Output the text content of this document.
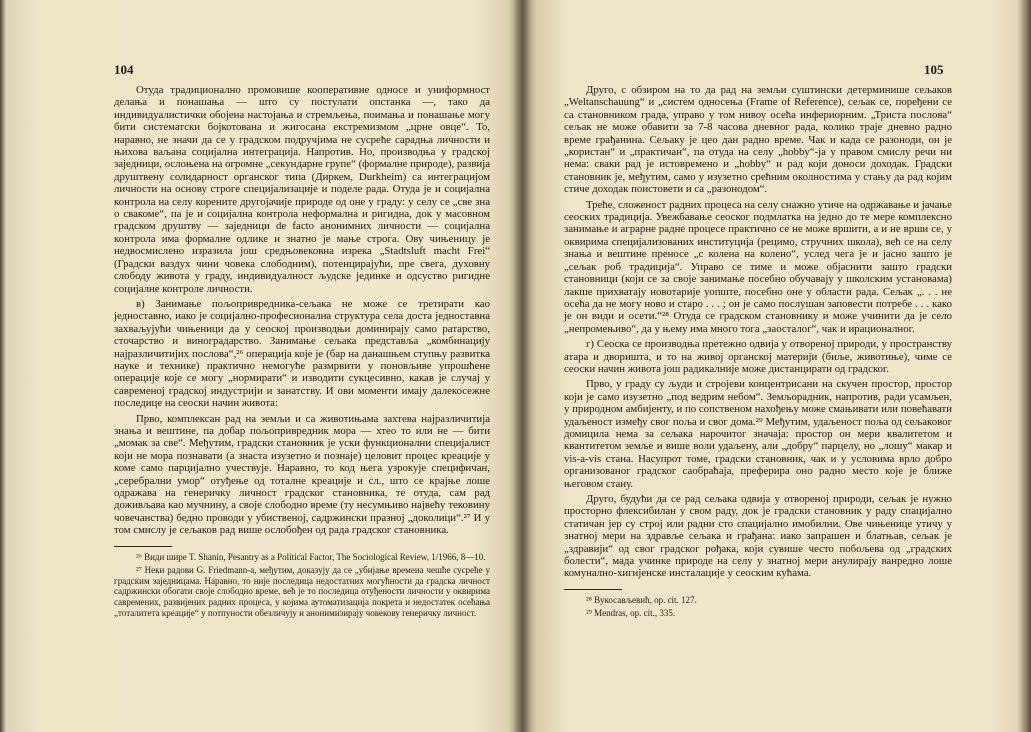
104

Отуда традиционално промовише кооперативне односе и униформност делања и понашања — што су постулати опстанка —, тако да индивидуалистички обојена настојања и стремљења, поимања и понашање могу бити систематски бојкотована и жигосана екстремизмом „црне овце“. То, наравно, не значи да се у градском подручјима не сусреће сарадња личности и њихова ваљана социјална интеграција. Напротив. Но, производња у градској заједници, ослоњена на огромне „секундарне групе“ (формалне природе), развија друштвену солидарност органског типа (Диркем, Durkheim) са интеграцијом личности на основу строге специјализације и поделе рада. Отуда је и социјална контрола на селу корените другојачије природе од оне у граду: у селу се „све зна о свакоме“, па је и социјална контрола неформална и ригидна, док у масовном градском друштву — заједници de facto анонимних личности — социјална контрола има формалне одлике и знатно је мање строга. Ову чињеницу је недвосмислено изразила још средњовековна изрека „Stadtsluft macht Frei“ (Градски ваздух чини човека слободним), потенцирајући, пре свега, духовну слободу живота у граду, индивидуалност људске јединке и одсуство ригидне социјалне контроле личности.

в) Занимање пољопривредника-сељака не може се третирати као једноставно, иако је социјално-професионална структура села доста једноставна захваљујући чињеници да у сеоској производњи доминирају само ратарство, сточарство и виноградарство. Занимање сељака представља „комбинацију најразличитијих послова“,²⁶ операција које је (бар на данашњем ступњу развитка науке и технике) практично немогуће размрвити у поновљиве упрошћене операције које се могу „нормирати“ и изводити сукцесивно, какав је случај у савременој градској индустрији и занатству. И ови моменти имају далекосежне последице на сеоски начин живота:

Прво, комплексан рад на земљи и са животињама захтева најразличитија знања и вештине, па добар пољопривредник мора — хтео то или не — бити „момак за све“. Међутим, градски становник је уски функционални специјалист који не мора познавати (а знаста изузетно и познаје) целовит процес креације у коме само парцијално учествује. Наравно, то код њега узрокује специфичан, „серебрални умор“ отуђење од тоталне креације и сл., што се крајње лоше одражава на генеричку личност градског становника, те отуда, сам рад доживљава као мучнину, а своје слободно време (ту несумњиво највећу тековину човечанства) бедно проводи у убиственој, садржински празној „доколици“.²⁷ И у том смислу је сељаков рад више ослобођен од рада градског становника.

²⁶ Види шире T. Shanin, Pesantry as a Political Factor, The Sociological Review, 1/1966, 8—10.

²⁷ Неки радови G. Friedmann-а, међутим, доказују да се „убијање времена чешће сусреће у градским заједницама. Наравно, то није последица недостатних могућности да градска личност садржински обогати своје слободно време, већ је то последица отуђености личности у оквирима савремених, развијених радних процеса, у којима аутоматизација покрета и недостатек осећања „тоталитета креације“ у потпуности обезличују и анонимизирају човекову генеричку личност.

105

Друго, с обзиром на то да рад на земљи суштински детерминише сељаков „Weltanschauung“ и „систем односења (Frame of Reference), сељак се, поређени се са становником града, управо у том нивоу осећа инфериорним. „Триста послова“ сељак не може обавити за 7-8 часова дневног рада, колико траје дневно радно време грађанина. Сељаку је цео дан радно време. Чак и када се разоноди, он је „користан“ и „практичан“, па отуда на селу „hobby“-ја у правом смислу речи ни нема: сваки рад је истовремено и „hobby“ и рад који доноси доходак. Градски становник је, међутим, само у изузетно срећним околностима у стању да рад којим стиче доходак поистовети и са „разонодом“.

Треће, сложеност радних процеса на селу снажно утиче на одржавање и јачање сеоских традиција. Увежбавање сеоског подмлатка на једно до те мере комплексно занимање и аграрне радне процесе практично се не може вршити, а и не врши се, у оквирима специјализованих институција (рецимо, стручних школа), већ се на селу знања и вештине преносе „с колена на колено“, услед чега је и јасно зашто је „сељак роб традиција“. Управо се тиме и може објаснити зашто градски становници (који се за своје занимање посебно обучавају у школским установама) лакше прихватају новотарије уопште, посебно оне у области рада. Сељак „. . . не осећа да не могу ново и старо . . . ; он је само послушан заповести потребе . . . како је он види и осети.“²⁸ Отуда се градском становнику и може учинити да је село „непромењиво“, да у њему има много тога „заосталог“, чак и ирационалног.

г) Сеоска се производња претежно одвија у отвореној природи, у пространству атара и дворишта, и то на живој органској материји (биље, животиње), чиме се сеоски начин живота још радикалније може дистанцирати од градског.

Прво, у граду су људи и стројеви концентрисани на скучен простор, простор који је само изузетно „под ведрим небом“. Земљорадник, напротив, ради усамљен, у природном амбијенту, и по сопственом нахођењу може смањивати или повећавати удаљеност између свог поља и свог дома.²⁹ Међутим, удаљеност поља од сељаковог домицила нема за сељака нарочитог значаја: простор он мери квалитетом и квантитетом земље и више воли удаљену, али „добру“ парцелу, но „лошу“ макар и vis-a-vis стана. Насупрот томе, градски становник, чак и у условима врло добро организованог градског саобраћаја, преферира оно радно место које је ближе његовом стану.

Друго, будући да се рад сељака одвија у отвореној природи, сељак је нужно просторно флексибилан у свом раду, док је градски становник у раду спацијално статичан јер су строј или радни сто спацијално имобилни. Ове чињенице утичу у знатној мери на здравље сељака и грађана: иако запрашен и блатњав, сељак је „здравији“ од свог градског рођака, који сувише често побољева од „градских болести“, мада учинке природе на селу у знатној мери анулирају ванредно лоше комунално-хигијенске инсталације у сеоским кућама.

²⁸ Вукосављевић, op. cit. 127.

²⁹ Mendras, op. cit., 335.
